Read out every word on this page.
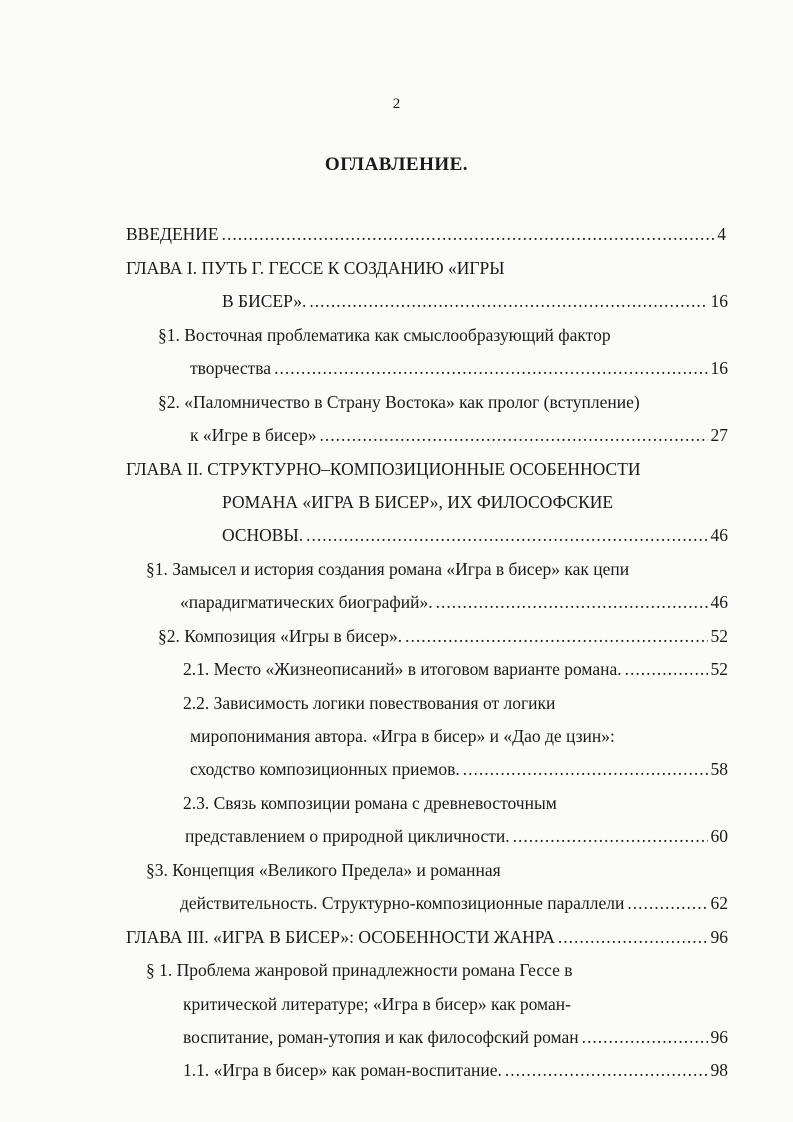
2
ОГЛАВЛЕНИЕ.
ВВЕДЕНИЕ .....	4
ГЛАВА I. ПУТЬ Г. ГЕССЕ К СОЗДАНИЮ «ИГРЫ
В БИСЕР». .....	16
§1. Восточная проблематика как смыслообразующий фактор
творчества .....	16
§2. «Паломничество в Страну Востока» как пролог (вступление)
к «Игре в бисер» .....	27
ГЛАВА II. СТРУКТУРНО–КОМПОЗИЦИОННЫЕ ОСОБЕННОСТИ
РОМАНА «ИГРА В БИСЕР», ИХ ФИЛОСОФСКИЕ
ОСНОВЫ. .....	46
§1. Замысел и история создания романа «Игра в бисер» как цепи
«парадигматических биографий». .....	46
§2. Композиция «Игры в бисер». .....	52
2.1. Место «Жизнеописаний» в итоговом варианте романа. .....	52
2.2. Зависимость логики повествования от логики
миропонимания автора. «Игра в бисер» и «Дао де цзин»:
сходство композиционных приемов. .....	58
2.3. Связь композиции романа с древневосточным
представлением о природной цикличности. .....	60
§3. Концепция «Великого Предела» и романная
действительность. Структурно-композиционные параллели .....	62
ГЛАВА III. «ИГРА В БИСЕР»: ОСОБЕННОСТИ ЖАНРА .....	96
§ 1. Проблема жанровой принадлежности романа Гессе в
критической литературе; «Игра в бисер» как роман-
воспитание, роман-утопия и как философский роман .....	96
1.1. «Игра в бисер» как роман-воспитание. .....	98
